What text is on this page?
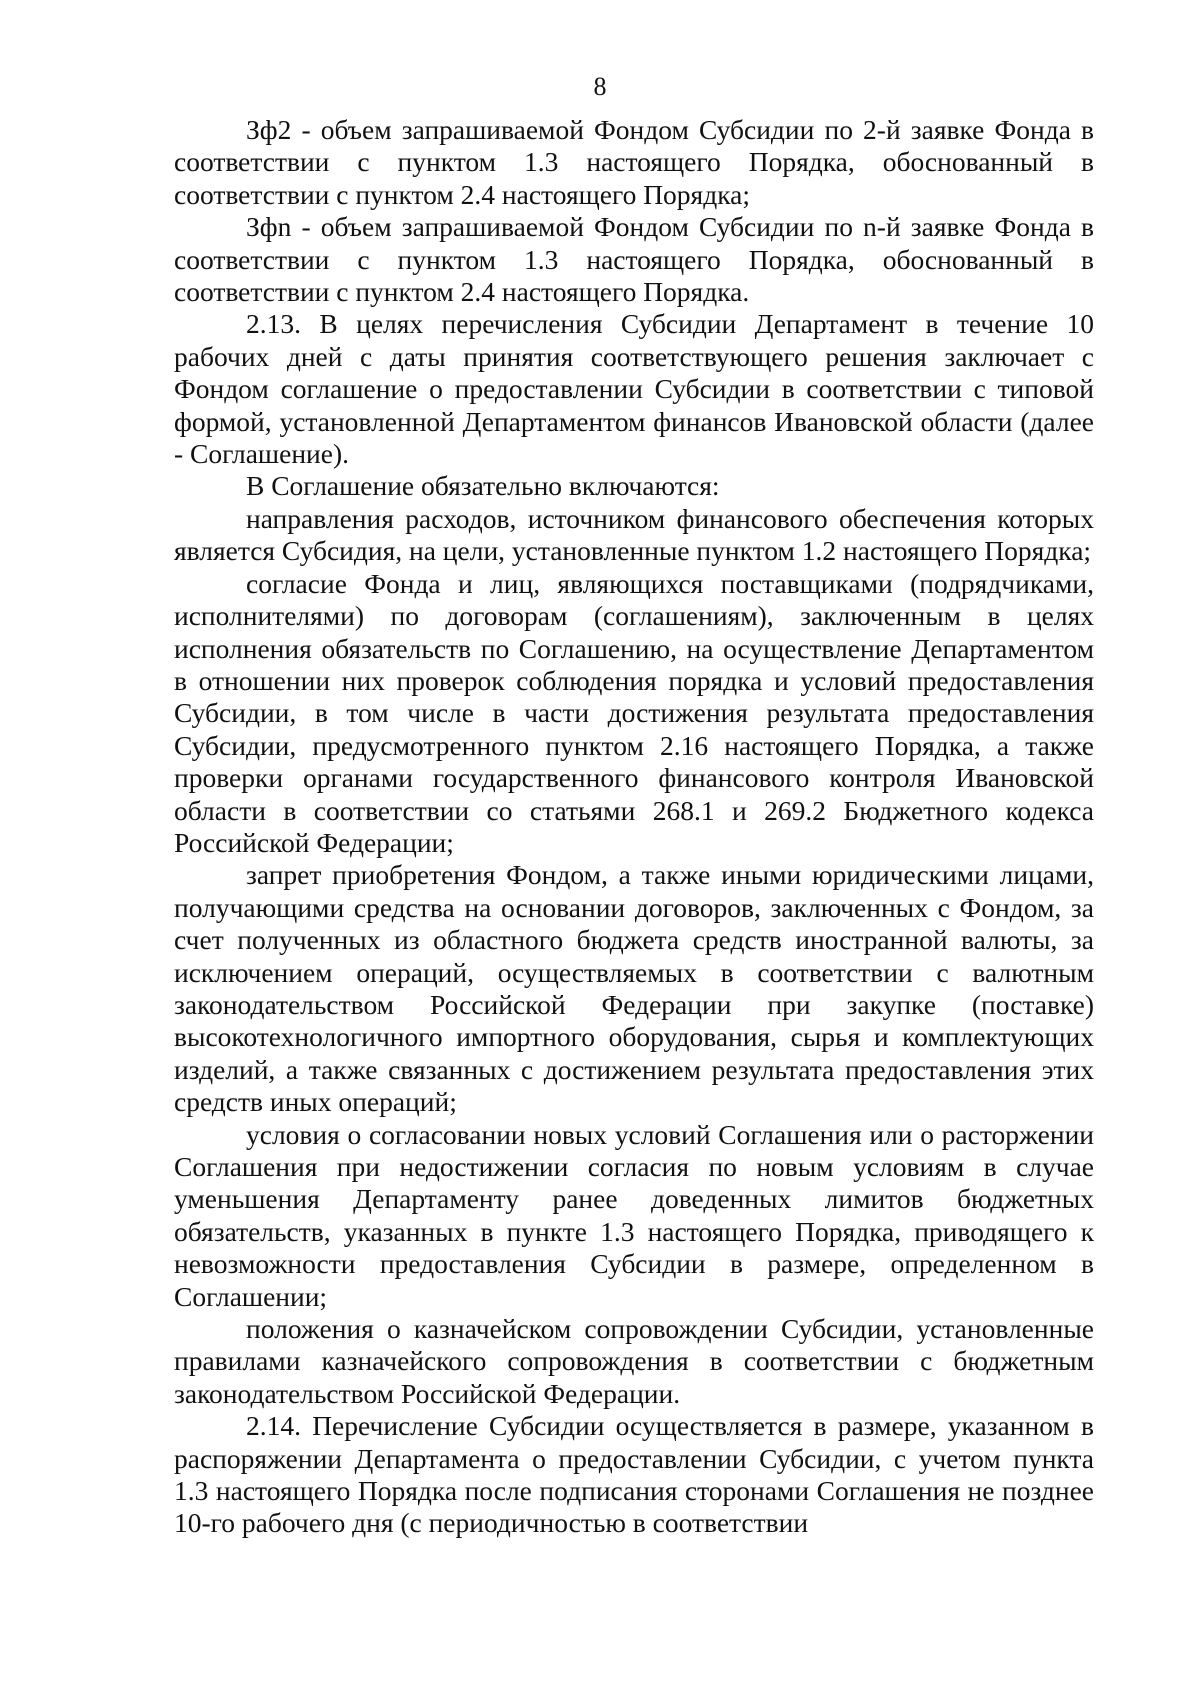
8

Зф2 - объем запрашиваемой Фондом Субсидии по 2-й заявке Фонда в соответствии с пунктом 1.3 настоящего Порядка, обоснованный в соответствии с пунктом 2.4 настоящего Порядка;

Зфn - объем запрашиваемой Фондом Субсидии по n-й заявке Фонда в соответствии с пунктом 1.3 настоящего Порядка, обоснованный в соответствии с пунктом 2.4 настоящего Порядка.

2.13. В целях перечисления Субсидии Департамент в течение 10 рабочих дней с даты принятия соответствующего решения заключает с Фондом соглашение о предоставлении Субсидии в соответствии с типовой формой, установленной Департаментом финансов Ивановской области (далее - Соглашение).

В Соглашение обязательно включаются:

направления расходов, источником финансового обеспечения которых является Субсидия, на цели, установленные пунктом 1.2 настоящего Порядка;

согласие Фонда и лиц, являющихся поставщиками (подрядчиками, исполнителями) по договорам (соглашениям), заключенным в целях исполнения обязательств по Соглашению, на осуществление Департаментом в отношении них проверок соблюдения порядка и условий предоставления Субсидии, в том числе в части достижения результата предоставления Субсидии, предусмотренного пунктом 2.16 настоящего Порядка, а также проверки органами государственного финансового контроля Ивановской области в соответствии со статьями 268.1 и 269.2 Бюджетного кодекса Российской Федерации;

запрет приобретения Фондом, а также иными юридическими лицами, получающими средства на основании договоров, заключенных с Фондом, за счет полученных из областного бюджета средств иностранной валюты, за исключением операций, осуществляемых в соответствии с валютным законодательством Российской Федерации при закупке (поставке) высокотехнологичного импортного оборудования, сырья и комплектующих изделий, а также связанных с достижением результата предоставления этих средств иных операций;

условия о согласовании новых условий Соглашения или о расторжении Соглашения при недостижении согласия по новым условиям в случае уменьшения Департаменту ранее доведенных лимитов бюджетных обязательств, указанных в пункте 1.3 настоящего Порядка, приводящего к невозможности предоставления Субсидии в размере, определенном в Соглашении;

положения о казначейском сопровождении Субсидии, установленные правилами казначейского сопровождения в соответствии с бюджетным законодательством Российской Федерации.

2.14. Перечисление Субсидии осуществляется в размере, указанном в распоряжении Департамента о предоставлении Субсидии, с учетом пункта 1.3 настоящего Порядка после подписания сторонами Соглашения не позднее 10-го рабочего дня (с периодичностью в соответствии
